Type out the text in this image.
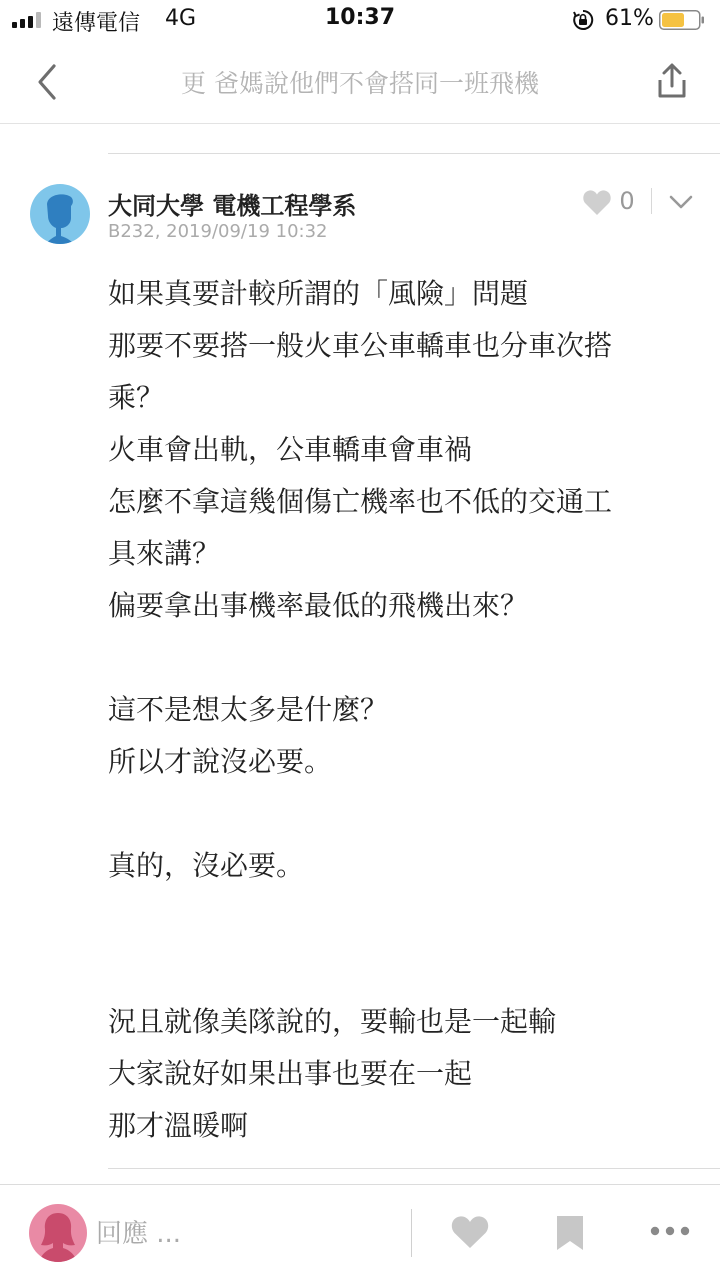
遠傳電信 4G	10:37	61%
更 爸媽說他們不會搭同一班飛機
大同大學 電機工程學系
B232, 2019/09/19 10:32
0
如果真要計較所謂的「風險」問題
那要不要搭一般火車公車轎車也分車次搭
乘？
火車會出軌，公車轎車會車禍
怎麼不拿這幾個傷亡機率也不低的交通工
具來講？
偏要拿出事機率最低的飛機出來？
這不是想太多是什麼？
所以才說沒必要。
真的，沒必要。
況且就像美隊說的，要輸也是一起輸
大家說好如果出事也要在一起
那才溫暖啊
回應 ...
